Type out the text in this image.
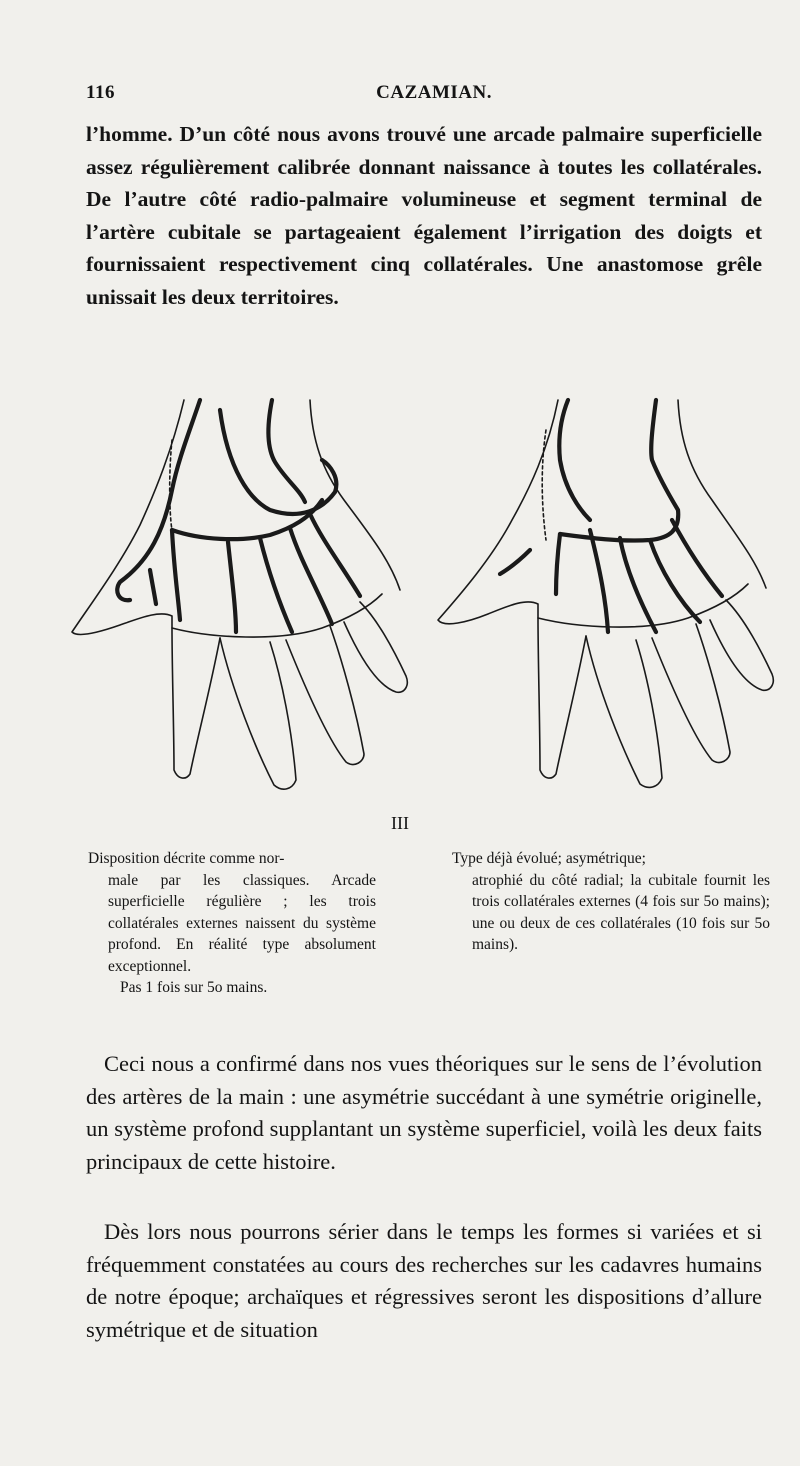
116	CAZAMIAN.

l’homme. D’un côté nous avons trouvé une arcade palmaire superficielle assez régulièrement calibrée donnant naissance à toutes les collatérales. De l’autre côté radio-palmaire volumineuse et segment terminal de l’artère cubitale se partageaient également l’irrigation des doigts et fournissaient respectivement cinq collatérales. Une anastomose grêle unissait les deux territoires.

III

Disposition décrite comme nor-

male par les classiques. Arcade superficielle régulière ; les trois collatérales externes naissent du système profond. En réalité type absolument exceptionnel.

Pas 1 fois sur 5o mains.

Type déjà évolué; asymétrique;

atrophié du côté radial; la cubitale fournit les trois collatérales externes (4 fois sur 5o mains); une ou deux de ces collatérales (10 fois sur 5o mains).

Ceci nous a confirmé dans nos vues théoriques sur le sens de l’évolution des artères de la main : une asymétrie succédant à une symétrie originelle, un système profond supplantant un système superficiel, voilà les deux faits principaux de cette histoire.

Dès lors nous pourrons sérier dans le temps les formes si variées et si fréquemment constatées au cours des recherches sur les cadavres humains de notre époque; archaïques et régressives seront les dispositions d’allure symétrique et de situation
